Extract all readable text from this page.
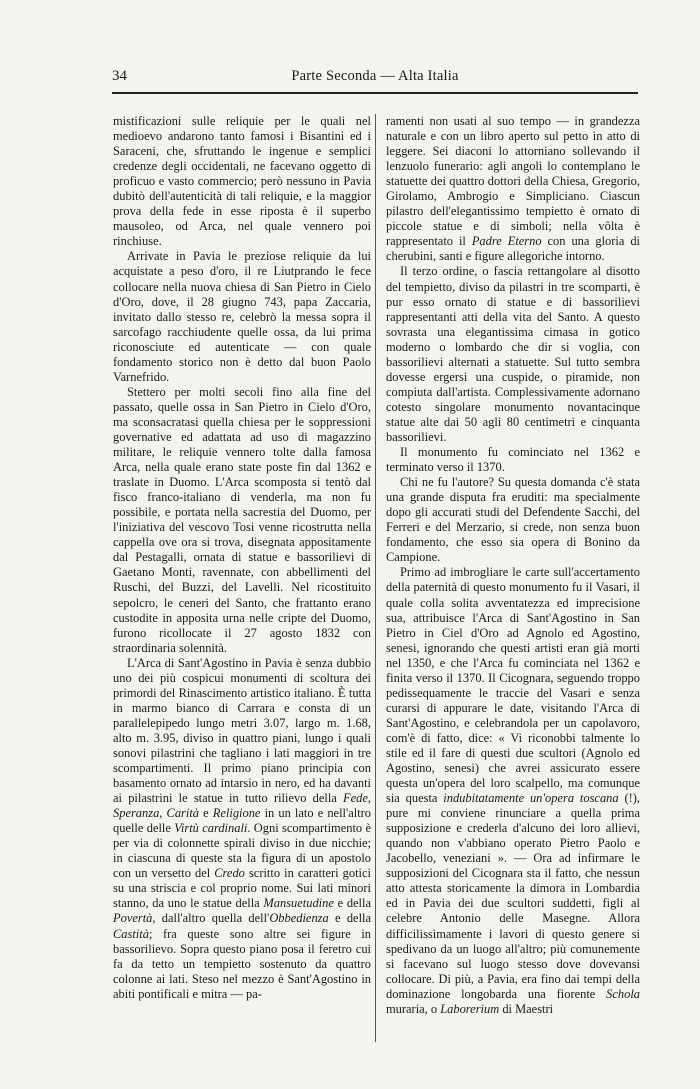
34	Parte Seconda — Alta Italia

mistificazioni sulle reliquie per le quali nel medioevo andarono tanto famosi i Bisantini ed i Saraceni, che, sfruttando le ingenue e semplici credenze degli occidentali, ne facevano oggetto di proficuo e vasto commercio; però nessuno in Pavia dubitò dell'autenticità di tali reliquie, e la maggior prova della fede in esse riposta è il superbo mausoleo, od Arca, nel quale vennero poi rinchiuse.

Arrivate in Pavia le preziose reliquie da lui acquistate a peso d'oro, il re Liutprando le fece collocare nella nuova chiesa di San Pietro in Cielo d'Oro, dove, il 28 giugno 743, papa Zaccaria, invitato dallo stesso re, celebrò la messa sopra il sarcofago racchiudente quelle ossa, da lui prima riconosciute ed autenticate — con quale fondamento storico non è detto dal buon Paolo Varnefrido.

Stettero per molti secoli fino alla fine del passato, quelle ossa in San Pietro in Cielo d'Oro, ma sconsacratasi quella chiesa per le soppressioni governative ed adattata ad uso di magazzino militare, le reliquie vennero tolte dalla famosa Arca, nella quale erano state poste fin dal 1362 e traslate in Duomo. L'Arca scomposta si tentò dal fisco franco-italiano di venderla, ma non fu possibile, e portata nella sacrestia del Duomo, per l'iniziativa del vescovo Tosi venne ricostrutta nella cappella ove ora si trova, disegnata appositamente dal Pestagalli, ornata di statue e bassorilievi di Gaetano Monti, ravennate, con abbellimenti del Ruschi, del Buzzi, del Lavelli. Nel ricostituito sepolcro, le ceneri del Santo, che frattanto erano custodite in apposita urna nelle cripte del Duomo, furono ricollocate il 27 agosto 1832 con straordinaria solennità.

L'Arca di Sant'Agostino in Pavia è senza dubbio uno dei più cospicui monumenti di scoltura dei primordi del Rinascimento artistico italiano. È tutta in marmo bianco di Carrara e consta di un parallelepipedo lungo metri 3.07, largo m. 1.68, alto m. 3.95, diviso in quattro piani, lungo i quali sonovi pilastrini che tagliano i lati maggiori in tre scompartimenti. Il primo piano principia con basamento ornato ad intarsio in nero, ed ha davanti ai pilastrini le statue in tutto rilievo della Fede, Speranza, Carità e Religione in un lato e nell'altro quelle delle Virtù cardinali. Ogni scompartimento è per via di colonnette spirali diviso in due nicchie; in ciascuna di queste sta la figura di un apostolo con un versetto del Credo scritto in caratteri gotici su una striscia e col proprio nome. Sui lati minori stanno, da uno le statue della Mansuetudine e della Povertà, dall'altro quella dell'Obbedienza e della Castità; fra queste sono altre sei figure in bassorilievo. Sopra questo piano posa il feretro cui fa da tetto un tempietto sostenuto da quattro colonne ai lati. Steso nel mezzo è Sant'Agostino in abiti pontificali e mitra — pa-

ramenti non usati al suo tempo — in grandezza naturale e con un libro aperto sul petto in atto di leggere. Sei diaconi lo attorniano sollevando il lenzuolo funerario: agli angoli lo contemplano le statuette dei quattro dottori della Chiesa, Gregorio, Girolamo, Ambrogio e Simpliciano. Ciascun pilastro dell'elegantissimo tempietto è ornato di piccole statue e di simboli; nella vôlta è rappresentato il Padre Eterno con una gloria di cherubini, santi e figure allegoriche intorno.

Il terzo ordine, o fascia rettangolare al disotto del tempietto, diviso da pilastri in tre scomparti, è pur esso ornato di statue e di bassorilievi rappresentanti atti della vita del Santo. A questo sovrasta una elegantissima cimasa in gotico moderno o lombardo che dir si voglia, con bassorilievi alternati a statuette. Sul tutto sembra dovesse ergersi una cuspide, o piramide, non compiuta dall'artista. Complessivamente adornano cotesto singolare monumento novantacinque statue alte dai 50 agli 80 centimetri e cinquanta bassorilievi.

Il monumento fu cominciato nel 1362 e terminato verso il 1370.

Chi ne fu l'autore? Su questa domanda c'è stata una grande disputa fra eruditi: ma specialmente dopo gli accurati studi del Defendente Sacchi, del Ferreri e del Merzario, si crede, non senza buon fondamento, che esso sia opera di Bonino da Campione.

Primo ad imbrogliare le carte sull'accertamento della paternità di questo monumento fu il Vasari, il quale colla solita avventatezza ed imprecisione sua, attribuisce l'Arca di Sant'Agostino in San Pietro in Ciel d'Oro ad Agnolo ed Agostino, senesi, ignorando che questi artisti eran già morti nel 1350, e che l'Arca fu cominciata nel 1362 e finita verso il 1370. Il Cicognara, seguendo troppo pedissequamente le traccie del Vasari e senza curarsi di appurare le date, visitando l'Arca di Sant'Agostino, e celebrandola per un capolavoro, com'è di fatto, dice: « Vi riconobbi talmente lo stile ed il fare di questi due scultori (Agnolo ed Agostino, senesi) che avrei assicurato essere questa un'opera del loro scalpello, ma comunque sia questa indubitatamente un'opera toscana (!), pure mi conviene rinunciare a quella prima supposizione e crederla d'alcuno dei loro allievi, quando non v'abbiano operato Pietro Paolo e Jacobello, veneziani ». — Ora ad infirmare le supposizioni del Cicognara sta il fatto, che nessun atto attesta storicamente la dimora in Lombardia ed in Pavia dei due scultori suddetti, figli al celebre Antonio delle Masegne. Allora difficilissimamente i lavori di questo genere si spedivano da un luogo all'altro; più comunemente si facevano sul luogo stesso dove dovevansi collocare. Di più, a Pavia, era fino dai tempi della dominazione longobarda una fiorente Schola muraria, o Laborerium di Maestri
